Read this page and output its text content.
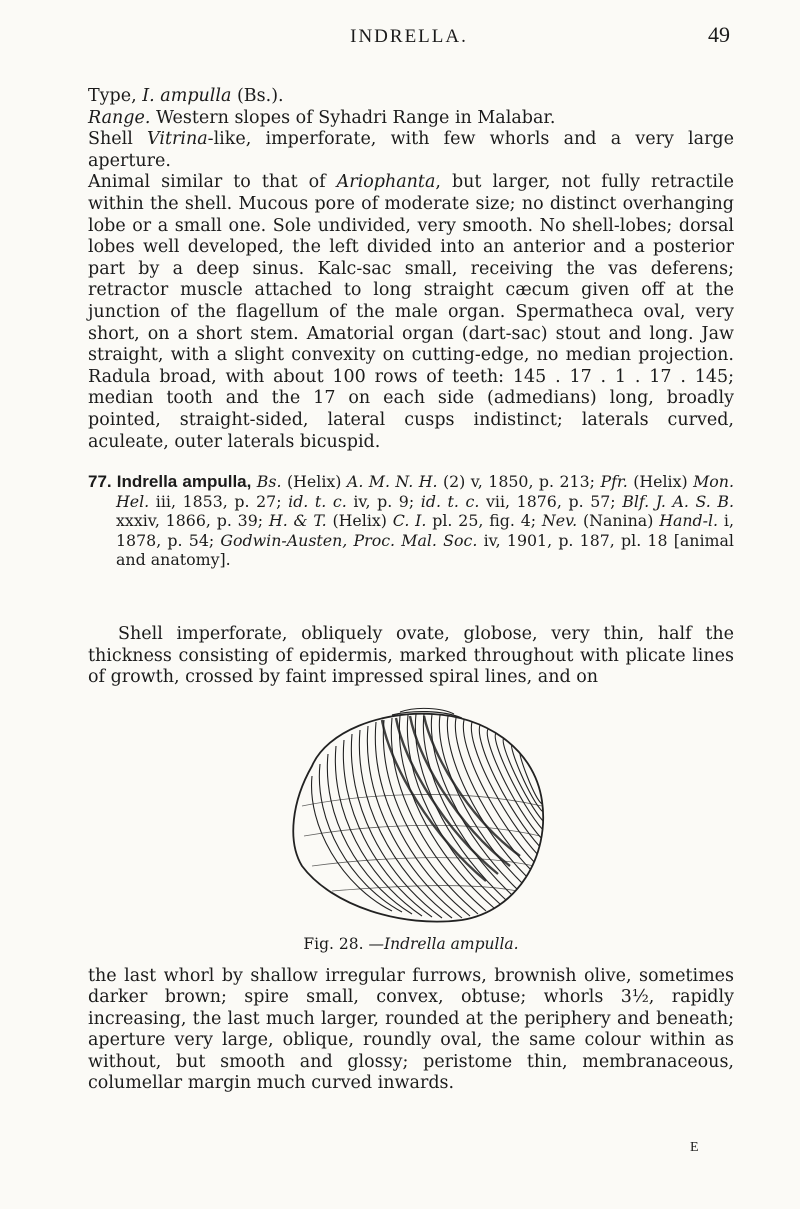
INDRELLA.	49

Type, I. ampulla (Bs.).

Range. Western slopes of Syhadri Range in Malabar.

Shell Vitrina-like, imperforate, with few whorls and a very large aperture.

Animal similar to that of Ariophanta, but larger, not fully retractile within the shell. Mucous pore of moderate size; no distinct overhanging lobe or a small one. Sole undivided, very smooth. No shell-lobes; dorsal lobes well developed, the left divided into an anterior and a posterior part by a deep sinus. Kalc-sac small, receiving the vas deferens; retractor muscle attached to long straight cæcum given off at the junction of the flagellum of the male organ. Spermatheca oval, very short, on a short stem. Amatorial organ (dart-sac) stout and long. Jaw straight, with a slight convexity on cutting-edge, no median projection. Radula broad, with about 100 rows of teeth: 145 . 17 . 1 . 17 . 145; median tooth and the 17 on each side (admedians) long, broadly pointed, straight-sided, lateral cusps indistinct; laterals curved, aculeate, outer laterals bicuspid.

77. Indrella ampulla, Bs. (Helix) A. M. N. H. (2) v, 1850, p. 213; Pfr. (Helix) Mon. Hel. iii, 1853, p. 27; id. t. c. iv, p. 9; id. t. c. vii, 1876, p. 57; Blf. J. A. S. B. xxxiv, 1866, p. 39; H. & T. (Helix) C. I. pl. 25, fig. 4; Nev. (Nanina) Hand-l. i, 1878, p. 54; Godwin-Austen, Proc. Mal. Soc. iv, 1901, p. 187, pl. 18 [animal and anatomy].

Shell imperforate, obliquely ovate, globose, very thin, half the thickness consisting of epidermis, marked throughout with plicate lines of growth, crossed by faint impressed spiral lines, and on

Fig. 28. —Indrella ampulla.

the last whorl by shallow irregular furrows, brownish olive, sometimes darker brown; spire small, convex, obtuse; whorls 3½, rapidly increasing, the last much larger, rounded at the periphery and beneath; aperture very large, oblique, roundly oval, the same colour within as without, but smooth and glossy; peristome thin, membranaceous, columellar margin much curved inwards.

E
